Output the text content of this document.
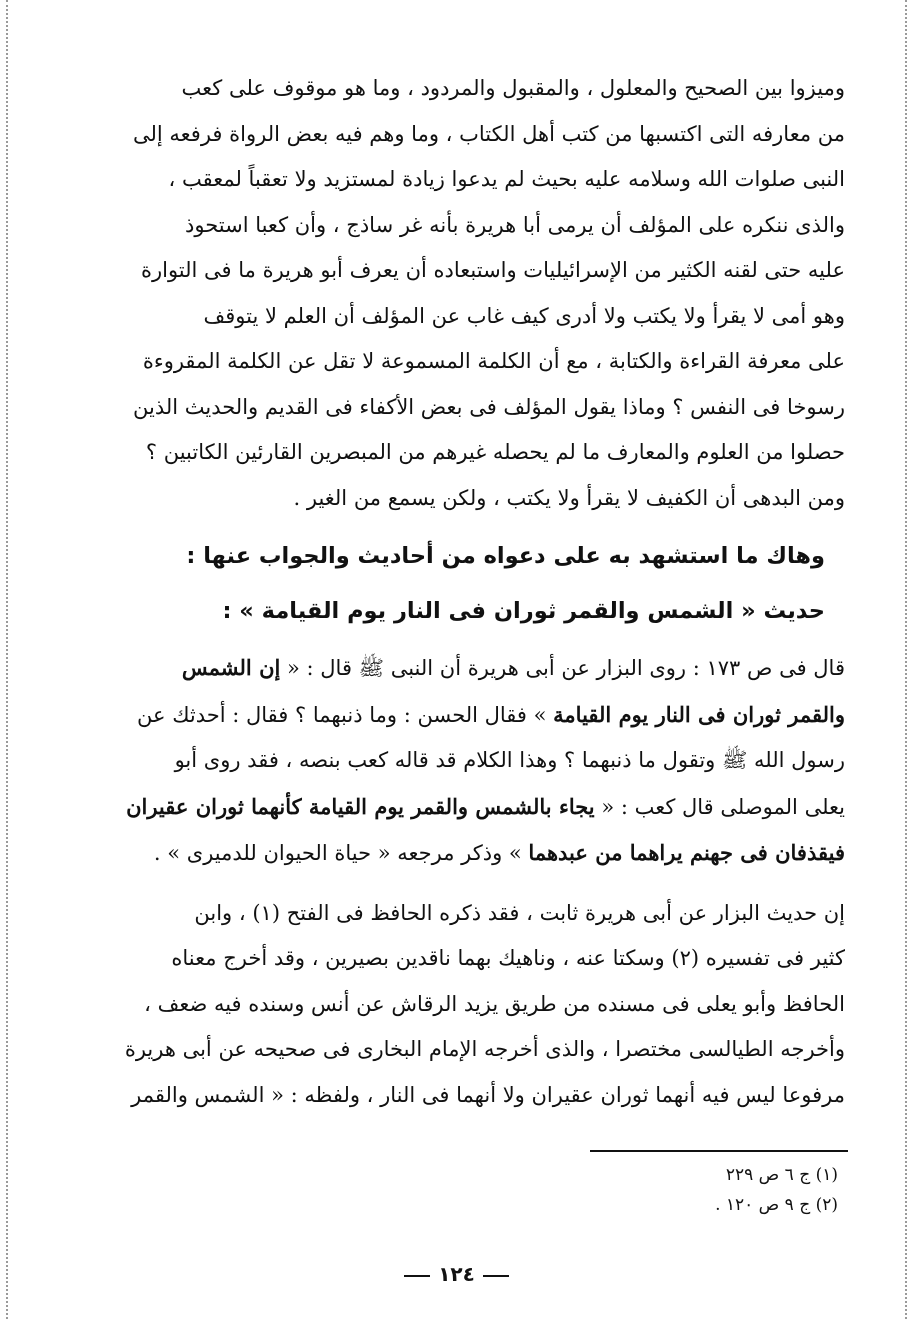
وميزوا بين الصحيح والمعلول ، والمقبول والمردود ، وما هو موقوف على كعب
من معارفه التى اكتسبها من كتب أهل الكتاب ، وما وهم فيه بعض الرواة فرفعه إلى
النبى صلوات الله وسلامه عليه بحيث لم يدعوا زيادة لمستزيد ولا تعقباً لمعقب ،
والذى ننكره على المؤلف أن يرمى أبا هريرة بأنه غر ساذج ، وأن كعبا استحوذ
عليه حتى لقنه الكثير من الإسرائيليات واستبعاده أن يعرف أبو هريرة ما فى التوارة
وهو أمى لا يقرأ ولا يكتب ولا أدرى كيف غاب عن المؤلف أن العلم لا يتوقف
على معرفة القراءة والكتابة ، مع أن الكلمة المسموعة لا تقل عن الكلمة المقروءة
رسوخا فى النفس ؟ وماذا يقول المؤلف فى بعض الأكفاء فى القديم والحديث الذين
حصلوا من العلوم والمعارف ما لم يحصله غيرهم من المبصرين القارئين الكاتبين ؟
ومن البدهى أن الكفيف لا يقرأ ولا يكتب ، ولكن يسمع من الغير .

وهاك ما استشهد به على دعواه من أحاديث والجواب عنها :
حديث « الشمس والقمر ثوران فى النار يوم القيامة » :

قال فى ص ١٧٣ : روى البزار عن أبى هريرة أن النبى ﷺ قال : « إن الشمس
والقمر ثوران فى النار يوم القيامة » فقال الحسن : وما ذنبهما ؟ فقال : أحدثك عن
رسول الله ﷺ وتقول ما ذنبهما ؟ وهذا الكلام قد قاله كعب بنصه ، فقد روى أبو
يعلى الموصلى قال كعب : « يجاء بالشمس والقمر يوم القيامة كأنهما ثوران عقيران
فيقذفان فى جهنم يراهما من عبدهما » وذكر مرجعه « حياة الحيوان للدميرى » .

إن حديث البزار عن أبى هريرة ثابت ، فقد ذكره الحافظ فى الفتح (١) ، وابن
كثير فى تفسيره (٢) وسكتا عنه ، وناهيك بهما ناقدين بصيرين ، وقد أخرج معناه
الحافظ وأبو يعلى فى مسنده من طريق يزيد الرقاش عن أنس وسنده فيه ضعف ،
وأخرجه الطيالسى مختصرا ، والذى أخرجه الإمام البخارى فى صحيحه عن أبى هريرة
مرفوعا ليس فيه أنهما ثوران عقيران ولا أنهما فى النار ، ولفظه : « الشمس والقمر

(١) ج ٦ ص ٢٢٩
(٢) ج ٩ ص ١٢٠ .
١٢٤
